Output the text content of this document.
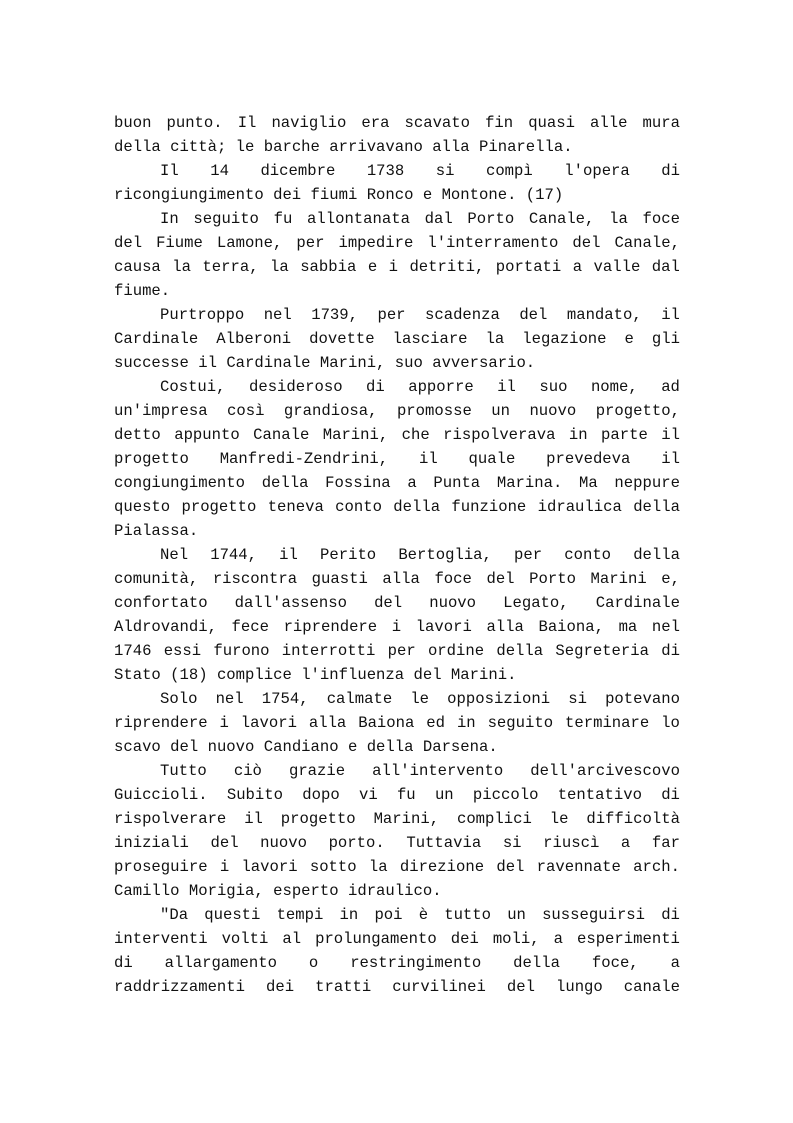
buon punto. Il naviglio era scavato fin quasi alle mura
della città; le barche arrivavano alla Pinarella.
Il 14 dicembre 1738 si compì l'opera di
ricongiungimento dei fiumi Ronco e Montone. (17)
In seguito fu allontanata dal Porto Canale, la foce
del Fiume Lamone, per impedire l'interramento del Canale,
causa la terra, la sabbia e i detriti, portati a valle dal
fiume.
Purtroppo nel 1739, per scadenza del mandato, il
Cardinale Alberoni dovette lasciare la legazione e gli
successe il Cardinale Marini, suo avversario.
Costui, desideroso di apporre il suo nome, ad
un'impresa così grandiosa, promosse un nuovo progetto,
detto appunto Canale Marini, che rispolverava in parte il
progetto Manfredi-Zendrini, il quale prevedeva il
congiungimento della Fossina a Punta Marina. Ma neppure
questo progetto teneva conto della funzione idraulica della
Pialassa.
Nel 1744, il Perito Bertoglia, per conto della
comunità, riscontra guasti alla foce del Porto Marini e,
confortato dall'assenso del nuovo Legato, Cardinale
Aldrovandi, fece riprendere i lavori alla Baiona, ma nel
1746 essi furono interrotti per ordine della Segreteria di
Stato (18) complice l'influenza del Marini.
Solo nel 1754, calmate le opposizioni si potevano
riprendere i lavori alla Baiona ed in seguito terminare lo
scavo del nuovo Candiano e della Darsena.
Tutto ciò grazie all'intervento dell'arcivescovo
Guiccioli. Subito dopo vi fu un piccolo tentativo di
rispolverare il progetto Marini, complici le difficoltà
iniziali del nuovo porto. Tuttavia si riuscì a far
proseguire i lavori sotto la direzione del ravennate arch.
Camillo Morigia, esperto idraulico.
"Da questi tempi in poi è tutto un susseguirsi di
interventi volti al prolungamento dei moli, a esperimenti
di allargamento o restringimento della foce, a
raddrizzamenti dei tratti curvilinei del lungo canale
